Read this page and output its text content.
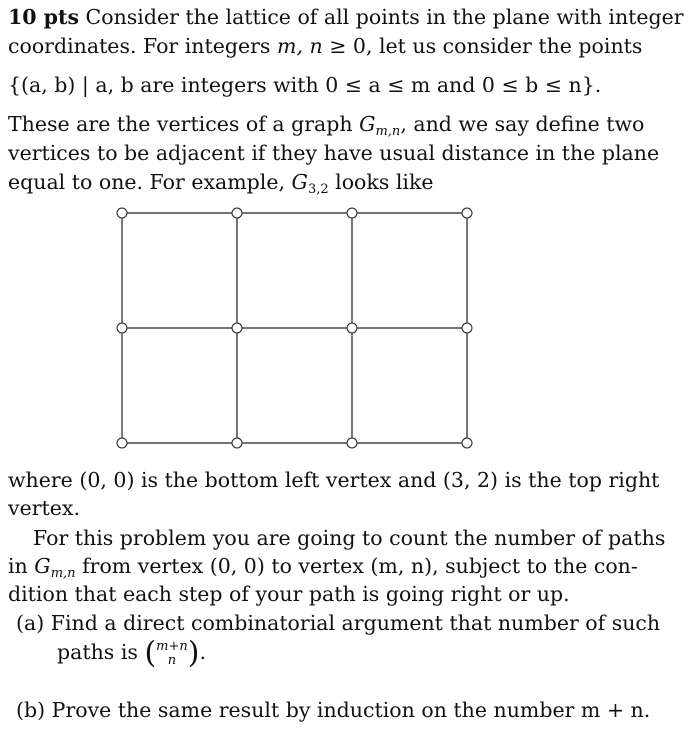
10 pts Consider the lattice of all points in the plane with integer
coordinates. For integers m, n ≥ 0, let us consider the points
{(a, b) | a, b are integers with 0 ≤ a ≤ m and 0 ≤ b ≤ n}.
These are the vertices of a graph $G_{m,n}$, and we say define two
vertices to be adjacent if they have usual distance in the plane
equal to one. For example, $G_{3,2}$ looks like
where (0, 0) is the bottom left vertex and (3, 2) is the top right
vertex.
For this problem you are going to count the number of paths
in $G_{m,n}$ from vertex (0, 0) to vertex (m, n), subject to the con-
dition that each step of your path is going right or up.
(a) Find a direct combinatorial argument that number of such
paths is ( m+n
n ).
(b) Prove the same result by induction on the number m + n.
